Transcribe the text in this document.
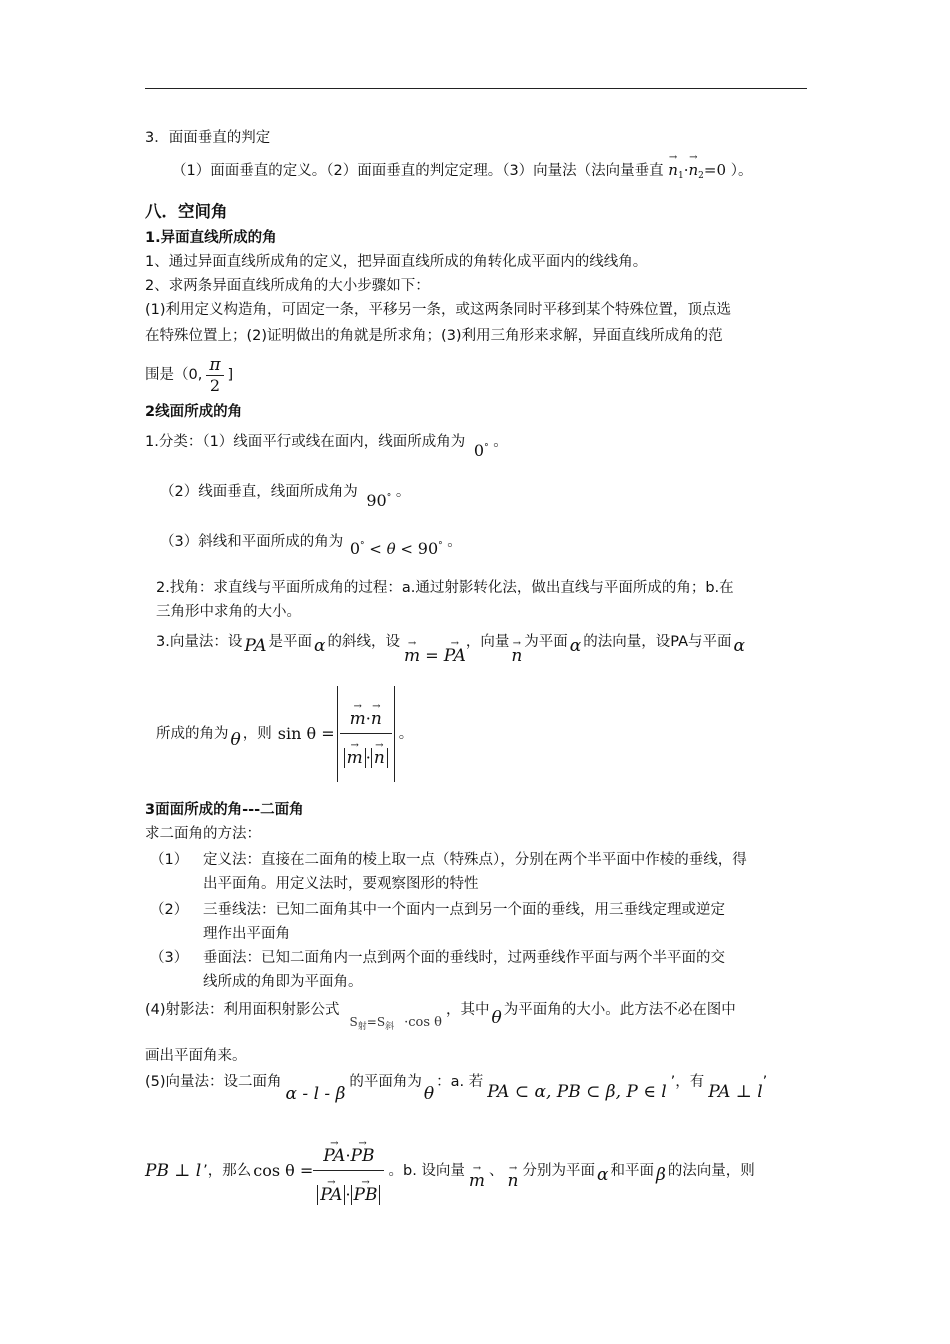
3．面面垂直的判定
（1）面面垂直的定义。（2）面面垂直的判定定理。（3）向量法（法向量垂直 → $n_1\cdot\to n_2=0$ ）。
八．空间角
1.异面直线所成的角
1、通过异面直线所成角的定义，把异面直线所成的角转化成平面内的线线角。
2、求两条异面直线所成角的大小步骤如下：
(1)利用定义构造角，可固定一条，平移另一条，或这两条同时平移到某个特殊位置，顶点选
在特殊位置上；(2)证明做出的角就是所求角；(3)利用三角形来求解，异面直线所成角的范
围是（0, $\frac{\pi}{2}$ ]
2线面所成的角
1.分类：（1）线面平行或线在面内，线面所成角为 0° 。
（2）线面垂直，线面所成角为 90° 。
（3）斜线和平面所成的角为 0° < θ < 90° 。
2.找角：求直线与平面所成角的过程：a.通过射影转化法，做出直线与平面所成的角；b.在
三角形中求角的大小。
3.向量法：设 PA 是平面 α 的斜线，设
→ m = → PA
，向量
→ n
为平面 α 的法向量，设PA与平面 α
所成的角为 θ ，则 sin θ = → m·→ n
→ m · → n 。
3面面所成的角---二面角
求二面角的方法：
（1） 定义法：直接在二面角的棱上取一点（特殊点），分别在两个半平面中作棱的垂线，得
出平面角。用定义法时，要观察图形的特性
（2） 三垂线法：已知二面角其中一个面内一点到另一个面的垂线，用三垂线定理或逆定
理作出平面角
（3） 垂面法：已知二面角内一点到两个面的垂线时，过两垂线作平面与两个半平面的交
线所成的角即为平面角。
(4)射影法：利用面积射影公式
$S_射=S_斜 \cdot\cos$ θ
，其中 θ 为平面角的大小。此方法不必在图中
画出平面角来。
(5)向量法：设二面角
α - l - β
的平面角为
θ
：a. 若 PA ⊂ α, PB ⊂ β, P ∈ l ’ ，有 PA ⊥ l ’
PB ⊥ l ’ ，那么 cos θ = → PA·→ PB
→ PA · → PB 。b. 设向量 → m 、 → n 分别为平面 α 和平面 β 的法向量，则
